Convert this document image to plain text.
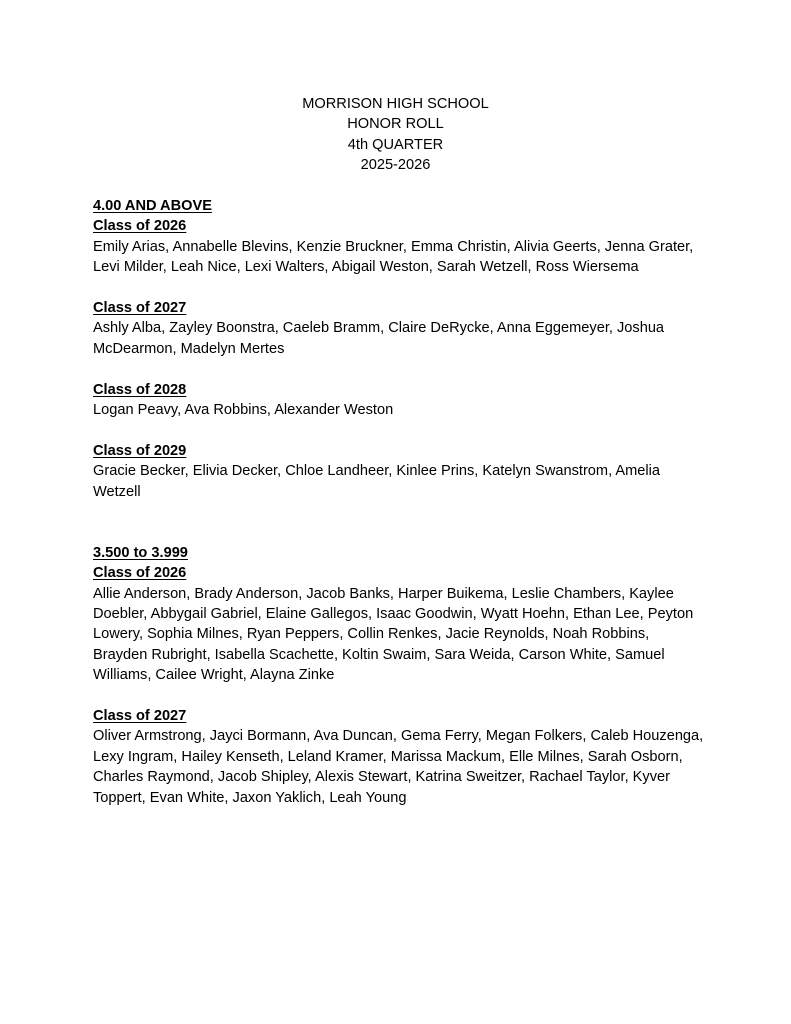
MORRISON HIGH SCHOOL
HONOR ROLL
4th QUARTER
2025-2026
4.00 AND ABOVE
Class of 2026

Emily Arias, Annabelle Blevins, Kenzie Bruckner, Emma Christin, Alivia Geerts, Jenna Grater, Levi Milder, Leah Nice, Lexi Walters, Abigail Weston, Sarah Wetzell, Ross Wiersema

Class of 2027

Ashly Alba, Zayley Boonstra, Caeleb Bramm, Claire DeRycke, Anna Eggemeyer, Joshua McDearmon, Madelyn Mertes

Class of 2028

Logan Peavy, Ava Robbins, Alexander Weston

Class of 2029

Gracie Becker, Elivia Decker, Chloe Landheer, Kinlee Prins, Katelyn Swanstrom, Amelia Wetzell

3.500 to 3.999
Class of 2026

Allie Anderson, Brady Anderson, Jacob Banks, Harper Buikema, Leslie Chambers, Kaylee Doebler, Abbygail Gabriel, Elaine Gallegos, Isaac Goodwin, Wyatt Hoehn, Ethan Lee, Peyton Lowery, Sophia Milnes, Ryan Peppers, Collin Renkes, Jacie Reynolds, Noah Robbins, Brayden Rubright, Isabella Scachette, Koltin Swaim, Sara Weida, Carson White, Samuel Williams, Cailee Wright, Alayna Zinke

Class of 2027

Oliver Armstrong, Jayci Bormann, Ava Duncan, Gema Ferry, Megan Folkers, Caleb Houzenga, Lexy Ingram, Hailey Kenseth, Leland Kramer, Marissa Mackum, Elle Milnes, Sarah Osborn, Charles Raymond, Jacob Shipley, Alexis Stewart, Katrina Sweitzer, Rachael Taylor, Kyver Toppert, Evan White, Jaxon Yaklich, Leah Young
